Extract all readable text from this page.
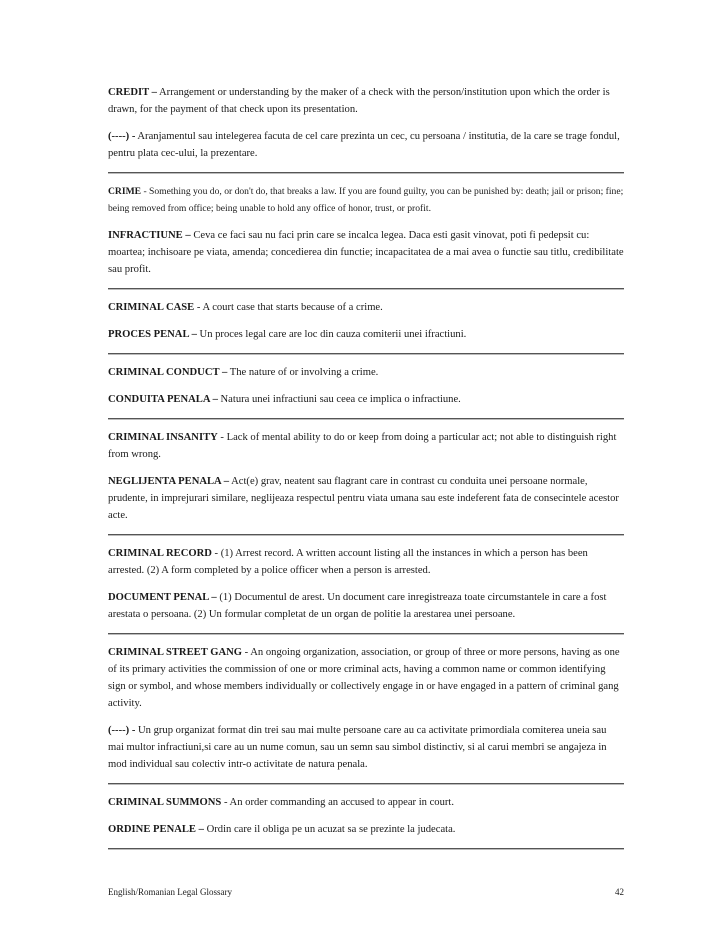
CREDIT – Arrangement or understanding by the maker of a check with the person/institution upon which the order is drawn, for the payment of that check upon its presentation.

(----) - Aranjamentul sau intelegerea facuta de cel care prezinta un cec, cu persoana / institutia, de la care se trage fondul, pentru plata cec-ului, la prezentare.

CRIME - Something you do, or don't do, that breaks a law. If you are found guilty, you can be punished by: death; jail or prison; fine; being removed from office; being unable to hold any office of honor, trust, or profit.

INFRACTIUNE – Ceva ce faci sau nu faci prin care se incalca legea. Daca esti gasit vinovat, poti fi pedepsit cu: moartea; inchisoare pe viata, amenda; concedierea din functie; incapacitatea de a mai avea o functie sau titlu, credibilitate sau profit.

CRIMINAL CASE - A court case that starts because of a crime.

PROCES PENAL – Un proces legal care are loc din cauza comiterii unei ifractiuni.

CRIMINAL CONDUCT – The nature of or involving a crime.

CONDUITA PENALA – Natura unei infractiuni sau ceea ce implica o infractiune.

CRIMINAL INSANITY - Lack of mental ability to do or keep from doing a particular act; not able to distinguish right from wrong.

NEGLIJENTA PENALA – Act(e) grav, neatent sau flagrant care in contrast cu conduita unei persoane normale, prudente, in imprejurari similare, neglijeaza respectul pentru viata umana sau este indeferent fata de consecintele acestor acte.

CRIMINAL RECORD - (1) Arrest record. A written account listing all the instances in which a person has been arrested. (2) A form completed by a police officer when a person is arrested.

DOCUMENT PENAL – (1) Documentul de arest. Un document care inregistreaza toate circumstantele in care a fost arestata o persoana. (2) Un formular completat de un organ de politie la arestarea unei persoane.

CRIMINAL STREET GANG - An ongoing organization, association, or group of three or more persons, having as one of its primary activities the commission of one or more criminal acts, having a common name or common identifying sign or symbol, and whose members individually or collectively engage in or have engaged in a pattern of criminal gang activity.

(----) - Un grup organizat format din trei sau mai multe persoane care au ca activitate primordiala comiterea uneia sau mai multor infractiuni,si care au un nume comun, sau un semn sau simbol distinctiv, si al carui membri se angajeza in mod individual sau colectiv intr-o activitate de natura penala.

CRIMINAL SUMMONS - An order commanding an accused to appear in court.

ORDINE PENALE – Ordin care il obliga pe un acuzat sa se prezinte la judecata.

English/Romanian Legal Glossary	42
